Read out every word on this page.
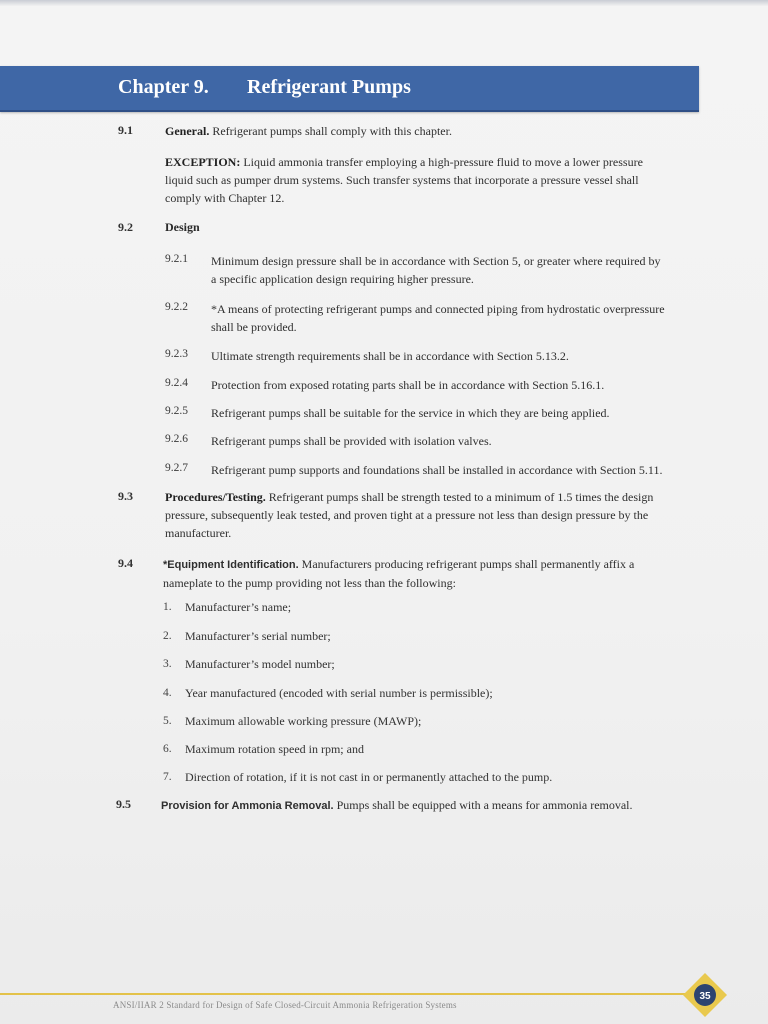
Chapter 9. Refrigerant Pumps
9.1	General. Refrigerant pumps shall comply with this chapter.
EXCEPTION: Liquid ammonia transfer employing a high-pressure fluid to move a lower pressure
liquid such as pumper drum systems. Such transfer systems that incorporate a pressure vessel shall
comply with Chapter 12.
9.2	Design
9.2.1 Minimum design pressure shall be in accordance with Section 5, or greater where required by
a specific application design requiring higher pressure.
9.2.2 *A means of protecting refrigerant pumps and connected piping from hydrostatic overpressure
shall be provided.
9.2.3 Ultimate strength requirements shall be in accordance with Section 5.13.2.
9.2.4 Protection from exposed rotating parts shall be in accordance with Section 5.16.1.
9.2.5 Refrigerant pumps shall be suitable for the service in which they are being applied.
9.2.6 Refrigerant pumps shall be provided with isolation valves.
9.2.7 Refrigerant pump supports and foundations shall be installed in accordance with Section 5.11.
9.3	Procedures/Testing. Refrigerant pumps shall be strength tested to a minimum of 1.5 times the design
pressure, subsequently leak tested, and proven tight at a pressure not less than design pressure by the
manufacturer.
9.4	*Equipment Identification. Manufacturers producing refrigerant pumps shall permanently affix a
nameplate to the pump providing not less than the following:
1. Manufacturer’s name;
2. Manufacturer’s serial number;
3. Manufacturer’s model number;
4. Year manufactured (encoded with serial number is permissible);
5. Maximum allowable working pressure (MAWP);
6. Maximum rotation speed in rpm; and
7. Direction of rotation, if it is not cast in or permanently attached to the pump.
9.5	Provision for Ammonia Removal. Pumps shall be equipped with a means for ammonia removal.
ANSI/IIAR 2 Standard for Design of Safe Closed-Circuit Ammonia Refrigeration Systems
35
